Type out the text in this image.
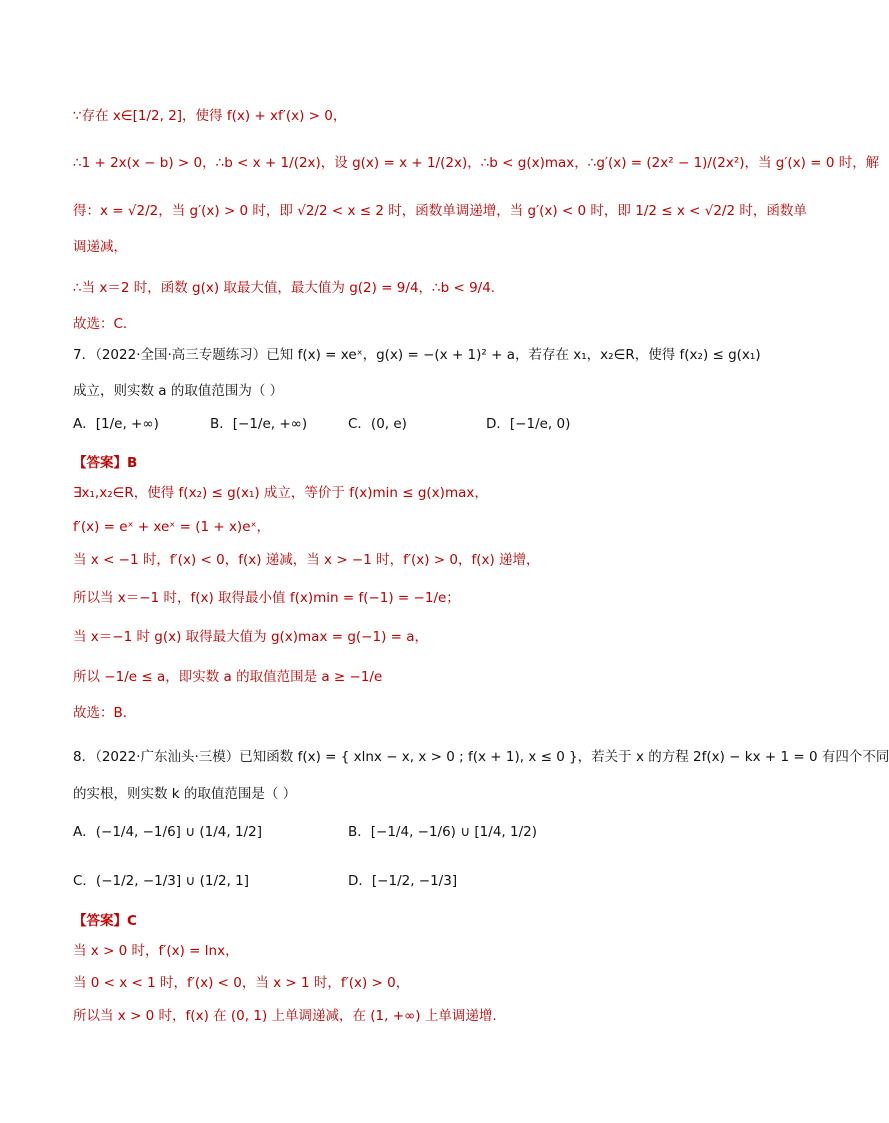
∵存在 x∈[1/2, 2]，使得 f(x) + xf′(x) > 0，
∴1 + 2x(x − b) > 0，∴b < x + 1/(2x)，设 g(x) = x + 1/(2x)，∴b < g(x)max，∴g′(x) = (2x² − 1)/(2x²)，当 g′(x) = 0 时，解
得：x = √2/2，当 g′(x) > 0 时，即 √2/2 < x ≤ 2 时，函数单调递增，当 g′(x) < 0 时，即 1/2 ≤ x < √2/2 时，函数单
调递减，
∴当 x＝2 时，函数 g(x) 取最大值，最大值为 g(2) = 9/4，∴b < 9/4.
故选：C．
7．（2022·全国·高三专题练习）已知 f(x) = xeˣ，g(x) = −(x + 1)² + a，若存在 x₁，x₂∈R，使得 f(x₂) ≤ g(x₁)
成立，则实数 a 的取值范围为（ ）
A．[1/e, +∞)	B．[−1/e, +∞)	C．(0, e)	D．[−1/e, 0)
【答案】B
∃x₁,x₂∈R，使得 f(x₂) ≤ g(x₁) 成立，等价于 f(x)min ≤ g(x)max，
f′(x) = eˣ + xeˣ = (1 + x)eˣ，
当 x < −1 时，f′(x) < 0，f(x) 递减，当 x > −1 时，f′(x) > 0，f(x) 递增，
所以当 x＝−1 时，f(x) 取得最小值 f(x)min = f(−1) = −1/e；
当 x＝−1 时 g(x) 取得最大值为 g(x)max = g(−1) = a，
所以 −1/e ≤ a，即实数 a 的取值范围是 a ≥ −1/e
故选：B．
8．（2022·广东汕头·三模）已知函数 f(x) = { xlnx − x, x > 0 ; f(x + 1), x ≤ 0 }，若关于 x 的方程 2f(x) − kx + 1 = 0 有四个不同
的实根，则实数 k 的取值范围是（ ）
A．(−1/4, −1/6] ∪ (1/4, 1/2]	B．[−1/4, −1/6) ∪ [1/4, 1/2)
C．(−1/2, −1/3] ∪ (1/2, 1]	D．[−1/2, −1/3]
【答案】C
当 x > 0 时，f′(x) = lnx，
当 0 < x < 1 时，f′(x) < 0，当 x > 1 时，f′(x) > 0，
所以当 x > 0 时，f(x) 在 (0, 1) 上单调递减，在 (1, +∞) 上单调递增.
